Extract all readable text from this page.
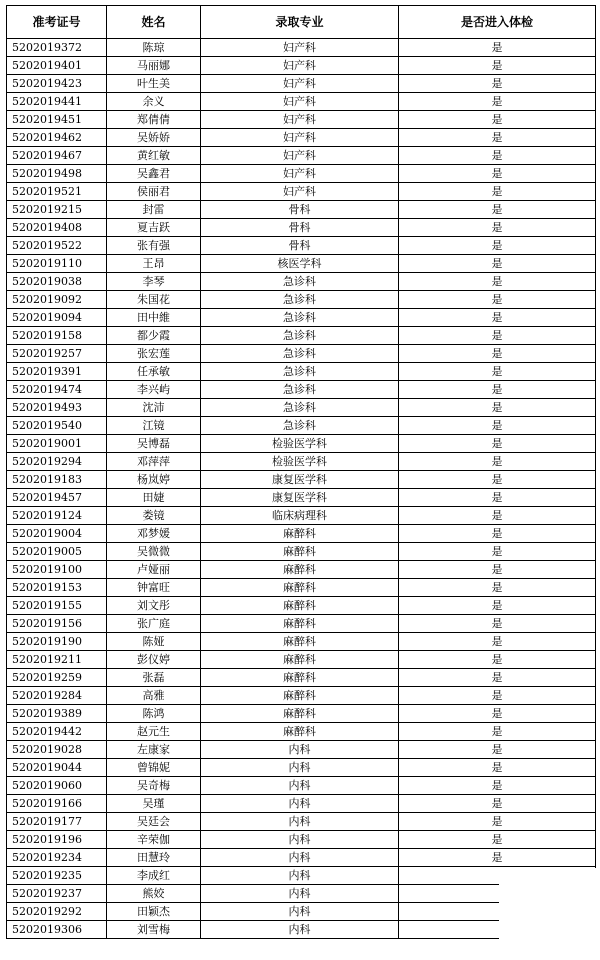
准考证号	姓名	录取专业	是否进入体检
5202019372	陈琼	妇产科	是
5202019401	马丽娜	妇产科	是
5202019423	叶生美	妇产科	是
5202019441	余义	妇产科	是
5202019451	郑倩倩	妇产科	是
5202019462	吴娇娇	妇产科	是
5202019467	黄红敏	妇产科	是
5202019498	吴鑫君	妇产科	是
5202019521	侯丽君	妇产科	是
5202019215	封雷	骨科	是
5202019408	夏吉跃	骨科	是
5202019522	张有强	骨科	是
5202019110	王昂	核医学科	是
5202019038	李琴	急诊科	是
5202019092	朱国花	急诊科	是
5202019094	田中維	急诊科	是
5202019158	都少霞	急诊科	是
5202019257	张宏莲	急诊科	是
5202019391	任承敏	急诊科	是
5202019474	李兴屿	急诊科	是
5202019493	沈沛	急诊科	是
5202019540	江镜	急诊科	是
5202019001	吴博磊	检验医学科	是
5202019294	邓萍萍	检验医学科	是
5202019183	杨岚婷	康复医学科	是
5202019457	田婕	康复医学科	是
5202019124	娄镜	临床病理科	是
5202019004	邓梦媛	麻醉科	是
5202019005	吴微微	麻醉科	是
5202019100	卢娅丽	麻醉科	是
5202019153	钟富旺	麻醉科	是
5202019155	刘文彤	麻醉科	是
5202019156	张广庭	麻醉科	是
5202019190	陈娅	麻醉科	是
5202019211	彭仪婷	麻醉科	是
5202019259	张磊	麻醉科	是
5202019284	高雅	麻醉科	是
5202019389	陈鸿	麻醉科	是
5202019442	赵元生	麻醉科	是
5202019028	左康家	内科	是
5202019044	曾锦妮	内科	是
5202019060	吴奇梅	内科	是
5202019166	吴瑾	内科	是
5202019177	吴廷会	内科	是
5202019196	辛荣伽	内科	是
5202019234	田慧玲	内科	是
5202019235	李成红	内科	
5202019237	熊姣	内科	
5202019292	田颖杰	内科	
5202019306	刘雪梅	内科	
